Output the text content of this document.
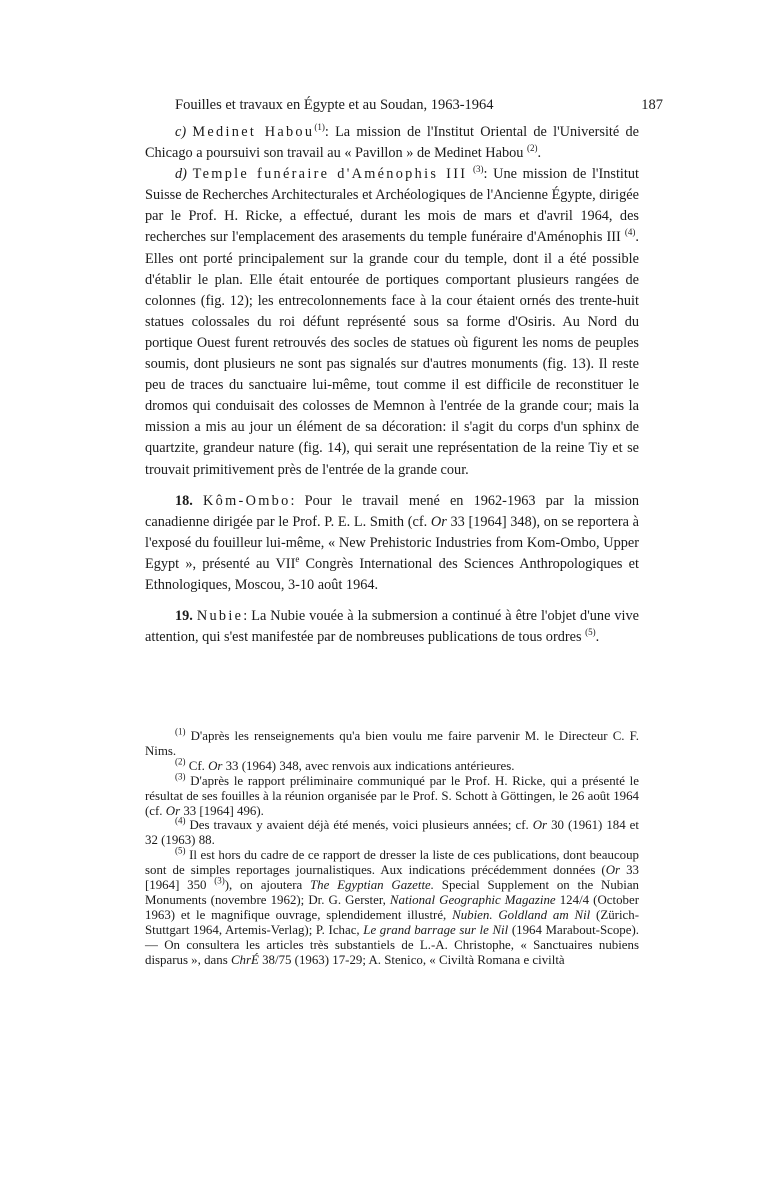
Fouilles et travaux en Égypte et au Soudan, 1963-1964	187

c) Medinet Habou$^{(1)}$: La mission de l'Institut Oriental de l'Université de Chicago a poursuivi son travail au « Pavillon » de Medinet Habou $^{(2)}$.

d) Temple funéraire d'Aménophis III $^{(3)}$: Une mission de l'Institut Suisse de Recherches Architecturales et Archéologiques de l'Ancienne Égypte, dirigée par le Prof. H. Ricke, a effectué, durant les mois de mars et d'avril 1964, des recherches sur l'emplacement des arasements du temple funéraire d'Aménophis III $^{(4)}$. Elles ont porté principalement sur la grande cour du temple, dont il a été possible d'établir le plan. Elle était entourée de portiques comportant plusieurs rangées de colonnes (fig. 12); les entrecolonnements face à la cour étaient ornés des trente-huit statues colossales du roi défunt représenté sous sa forme d'Osiris. Au Nord du portique Ouest furent retrouvés des socles de statues où figurent les noms de peuples soumis, dont plusieurs ne sont pas signalés sur d'autres monuments (fig. 13). Il reste peu de traces du sanctuaire lui-même, tout comme il est difficile de reconstituer le dromos qui conduisait des colosses de Memnon à l'entrée de la grande cour; mais la mission a mis au jour un élément de sa décoration: il s'agit du corps d'un sphinx de quartzite, grandeur nature (fig. 14), qui serait une représentation de la reine Tiy et se trouvait primitivement près de l'entrée de la grande cour.

18. Kôm-Ombo: Pour le travail mené en 1962-1963 par la mission canadienne dirigée par le Prof. P. E. L. Smith (cf. Or 33 [1964] 348), on se reportera à l'exposé du fouilleur lui-même, « New Prehistoric Industries from Kom-Ombo, Upper Egypt », présenté au VIIe Congrès International des Sciences Anthropologiques et Ethnologiques, Moscou, 3-10 août 1964.

19. Nubie: La Nubie vouée à la submersion a continué à être l'objet d'une vive attention, qui s'est manifestée par de nombreuses publications de tous ordres $^{(5)}$.

$^{(1)}$ D'après les renseignements qu'a bien voulu me faire parvenir M. le Directeur C. F. Nims.

$^{(2)}$ Cf. Or 33 (1964) 348, avec renvois aux indications antérieures.

$^{(3)}$ D'après le rapport préliminaire communiqué par le Prof. H. Ricke, qui a présenté le résultat de ses fouilles à la réunion organisée par le Prof. S. Schott à Göttingen, le 26 août 1964 (cf. Or 33 [1964] 496).

$^{(4)}$ Des travaux y avaient déjà été menés, voici plusieurs années; cf. Or 30 (1961) 184 et 32 (1963) 88.

$^{(5)}$ Il est hors du cadre de ce rapport de dresser la liste de ces publications, dont beaucoup sont de simples reportages journalistiques. Aux indications précédemment données (Or 33 [1964] 350 $^{(3)}$), on ajoutera The Egyptian Gazette. Special Supplement on the Nubian Monuments (novembre 1962); Dr. G. Gerster, National Geographic Magazine 124/4 (October 1963) et le magnifique ouvrage, splendidement illustré, Nubien. Goldland am Nil (Zürich-Stuttgart 1964, Artemis-Verlag); P. Ichac, Le grand barrage sur le Nil (1964 Marabout-Scope). — On consultera les articles très substantiels de L.-A. Christophe, « Sanctuaires nubiens disparus », dans ChrÉ 38/75 (1963) 17-29; A. Stenico, « Civiltà Romana e civiltà
